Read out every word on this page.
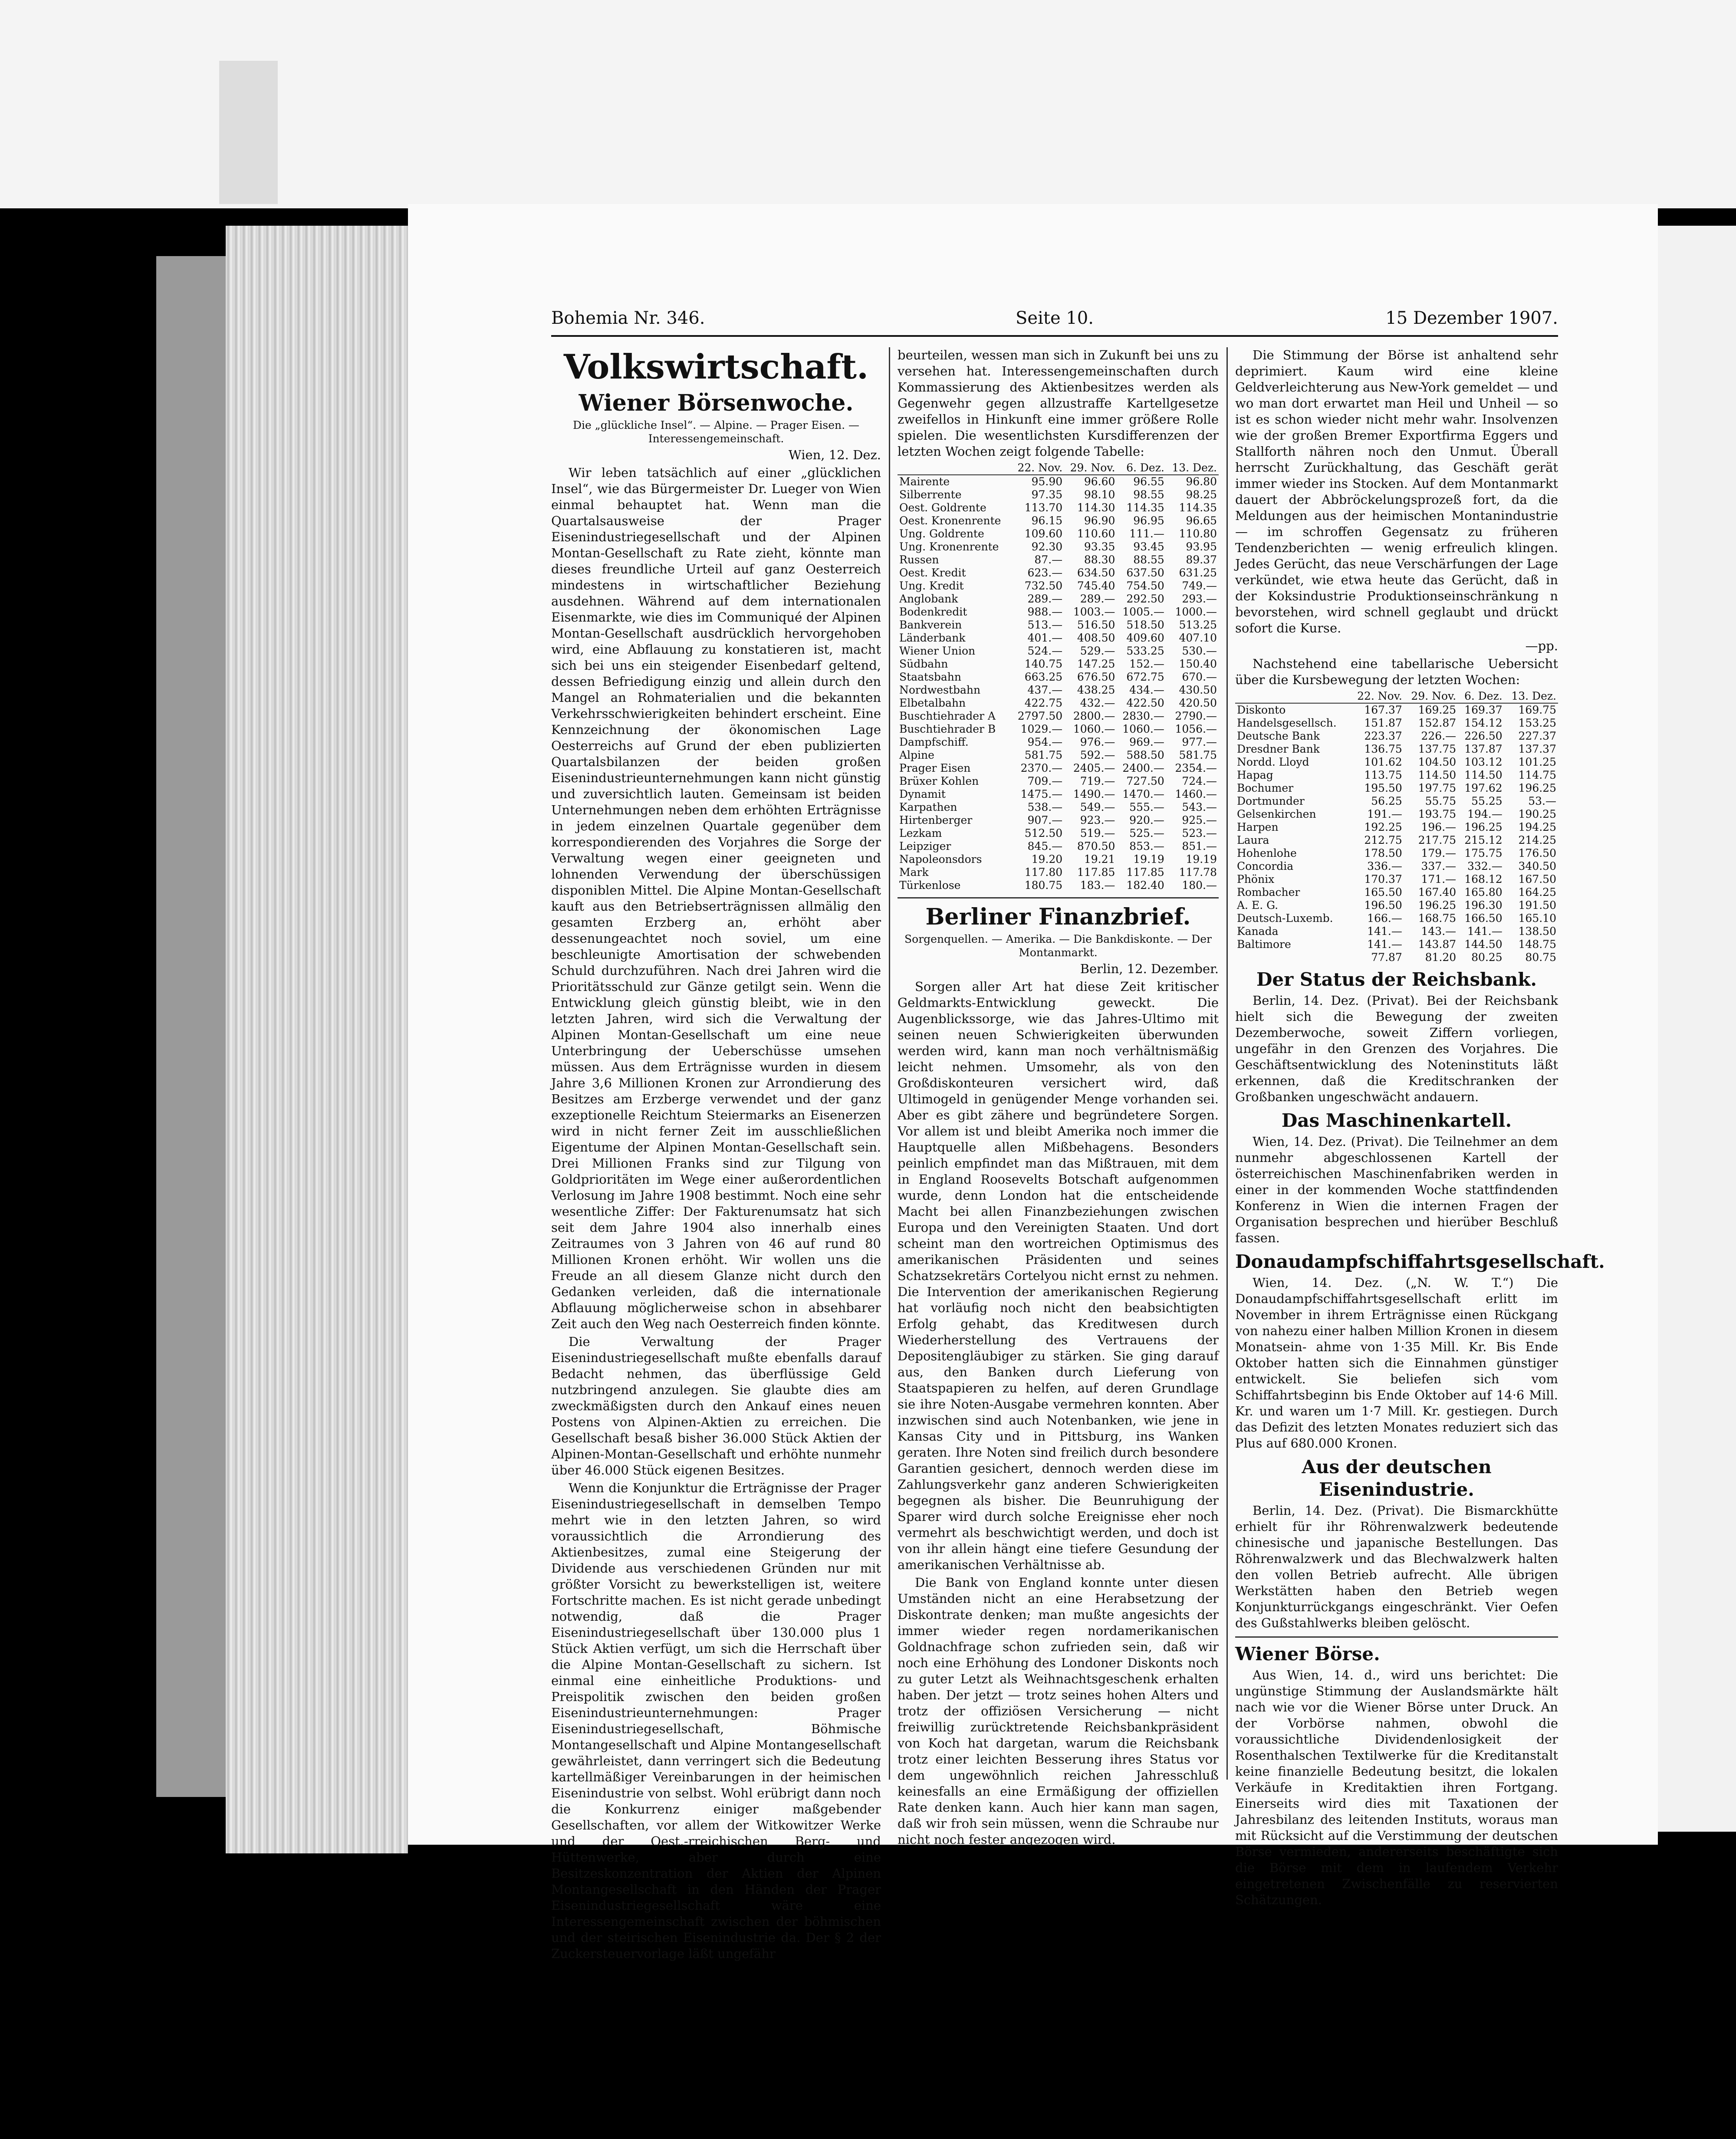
Bohemia Nr. 346.	Seite 10.	15 Dezember 1907.
Volkswirtschaft.
Wiener Börsenwoche.

Die „glückliche Insel“. — Alpine. — Prager Eisen. — Interessengemeinschaft.

Wien, 12. Dez.

Wir leben tatsächlich auf einer „glücklichen Insel“, wie das Bürgermeister Dr. Lueger von Wien einmal behauptet hat. Wenn man die Quartalsausweise der Prager Eisenindustriegesellschaft und der Alpinen Montan-Gesellschaft zu Rate zieht, könnte man dieses freundliche Urteil auf ganz Oesterreich mindestens in wirtschaftlicher Beziehung ausdehnen. Während auf dem internationalen Eisenmarkte, wie dies im Communiqué der Alpinen Montan-Gesellschaft ausdrücklich hervorgehoben wird, eine Abflauung zu konstatieren ist, macht sich bei uns ein steigender Eisenbedarf geltend, dessen Befriedigung einzig und allein durch den Mangel an Rohmaterialien und die bekannten Verkehrsschwierigkeiten behindert erscheint. Eine Kennzeichnung der ökonomischen Lage Oesterreichs auf Grund der eben publizierten Quartalsbilanzen der beiden großen Eisenindustrieunternehmungen kann nicht günstig und zuversichtlich lauten. Gemeinsam ist beiden Unternehmungen neben dem erhöhten Erträgnisse in jedem einzelnen Quartale gegenüber dem korrespondierenden des Vorjahres die Sorge der Verwaltung wegen einer geeigneten und lohnenden Verwendung der überschüssigen disponiblen Mittel. Die Alpine Montan-Gesellschaft kauft aus den Betriebserträgnissen allmälig den gesamten Erzberg an, erhöht aber dessenungeachtet noch soviel, um eine beschleunigte Amortisation der schwebenden Schuld durchzuführen. Nach drei Jahren wird die Prioritätsschuld zur Gänze getilgt sein. Wenn die Entwicklung gleich günstig bleibt, wie in den letzten Jahren, wird sich die Verwaltung der Alpinen Montan-Gesellschaft um eine neue Unterbringung der Ueberschüsse umsehen müssen. Aus dem Erträgnisse wurden in diesem Jahre 3,6 Millionen Kronen zur Arrondierung des Besitzes am Erzberge verwendet und der ganz exzeptionelle Reichtum Steiermarks an Eisenerzen wird in nicht ferner Zeit im ausschließlichen Eigentume der Alpinen Montan-Gesellschaft sein. Drei Millionen Franks sind zur Tilgung von Goldprioritäten im Wege einer außerordentlichen Verlosung im Jahre 1908 bestimmt. Noch eine sehr wesentliche Ziffer: Der Fakturenumsatz hat sich seit dem Jahre 1904 also innerhalb eines Zeitraumes von 3 Jahren von 46 auf rund 80 Millionen Kronen erhöht. Wir wollen uns die Freude an all diesem Glanze nicht durch den Gedanken verleiden, daß die internationale Abflauung möglicherweise schon in absehbarer Zeit auch den Weg nach Oesterreich finden könnte.

Die Verwaltung der Prager Eisenindustriegesellschaft mußte ebenfalls darauf Bedacht nehmen, das überflüssige Geld nutzbringend anzulegen. Sie glaubte dies am zweckmäßigsten durch den Ankauf eines neuen Postens von Alpinen-Aktien zu erreichen. Die Gesellschaft besaß bisher 36.000 Stück Aktien der Alpinen-Montan-Gesellschaft und erhöhte nunmehr über 46.000 Stück eigenen Besitzes.

Wenn die Konjunktur die Erträgnisse der Prager Eisenindustriegesellschaft in demselben Tempo mehrt wie in den letzten Jahren, so wird voraussichtlich die Arrondierung des Aktienbesitzes, zumal eine Steigerung der Dividende aus verschiedenen Gründen nur mit größter Vorsicht zu bewerkstelligen ist, weitere Fortschritte machen. Es ist nicht gerade unbedingt notwendig, daß die Prager Eisenindustriegesellschaft über 130.000 plus 1 Stück Aktien verfügt, um sich die Herrschaft über die Alpine Montan-Gesellschaft zu sichern. Ist einmal eine einheitliche Produktions- und Preispolitik zwischen den beiden großen Eisenindustrieunternehmungen: Prager Eisenindustriegesellschaft, Böhmische Montangesellschaft und Alpine Montangesellschaft gewährleistet, dann verringert sich die Bedeutung kartellmäßiger Vereinbarungen in der heimischen Eisenindustrie von selbst. Wohl erübrigt dann noch die Konkurrenz einiger maßgebender Gesellschaften, vor allem der Witkowitzer Werke und der Oest.-rreichischen Berg- und Hüttenwerke, aber durch eine Besitzeskonzentration der Aktien der Alpinen Montangesellschaft in den Händen der Prager Eisenindustriegesellschaft wäre eine Interessengemeinschaft zwischen der böhmischen und der steirischen Eisenindustrie da. Der § 2 der Zuckersteuervorlage läßt ungefähr

beurteilen, wessen man sich in Zukunft bei uns zu versehen hat. Interessengemeinschaften durch Kommassierung des Aktienbesitzes werden als Gegenwehr gegen allzustraffe Kartellgesetze zweifellos in Hinkunft eine immer größere Rolle spielen. Die wesentlichsten Kursdifferenzen der letzten Wochen zeigt folgende Tabelle:

	22. Nov.	29. Nov.	6. Dez.	13. Dez.
Mairente	95.90	96.60	96.55	96.80
Silberrente	97.35	98.10	98.55	98.25
Oest. Goldrente	113.70	114.30	114.35	114.35
Oest. Kronenrente	96.15	96.90	96.95	96.65
Ung. Goldrente	109.60	110.60	111.—	110.80
Ung. Kronenrente	92.30	93.35	93.45	93.95
Russen	87.—	88.30	88.55	89.37
Oest. Kredit	623.—	634.50	637.50	631.25
Ung. Kredit	732.50	745.40	754.50	749.—
Anglobank	289.—	289.—	292.50	293.—
Bodenkredit	988.—	1003.—	1005.—	1000.—
Bankverein	513.—	516.50	518.50	513.25
Länderbank	401.—	408.50	409.60	407.10
Wiener Union	524.—	529.—	533.25	530.—
Südbahn	140.75	147.25	152.—	150.40
Staatsbahn	663.25	676.50	672.75	670.—
Nordwestbahn	437.—	438.25	434.—	430.50
Elbetalbahn	422.75	432.—	422.50	420.50
Buschtiehrader A	2797.50	2800.—	2830.—	2790.—
Buschtiehrader B	1029.—	1060.—	1060.—	1056.—
Dampfschiff.	954.—	976.—	969.—	977.—
Alpine	581.75	592.—	588.50	581.75
Prager Eisen	2370.—	2405.—	2400.—	2354.—
Brüxer Kohlen	709.—	719.—	727.50	724.—
Dynamit	1475.—	1490.—	1470.—	1460.—
Karpathen	538.—	549.—	555.—	543.—
Hirtenberger	907.—	923.—	920.—	925.—
Lezkam	512.50	519.—	525.—	523.—
Leipziger	845.—	870.50	853.—	851.—
Napoleonsdors	19.20	19.21	19.19	19.19
Mark	117.80	117.85	117.85	117.78
Türkenlose	180.75	183.—	182.40	180.—
Berliner Finanzbrief.

Sorgenquellen. — Amerika. — Die Bankdiskonte. — Der Montanmarkt.

Berlin, 12. Dezember.

Sorgen aller Art hat diese Zeit kritischer Geldmarkts-Entwicklung geweckt. Die Augenblickssorge, wie das Jahres-Ultimo mit seinen neuen Schwierigkeiten überwunden werden wird, kann man noch verhältnismäßig leicht nehmen. Umsomehr, als von den Großdiskonteuren versichert wird, daß Ultimogeld in genügender Menge vorhanden sei. Aber es gibt zähere und begründetere Sorgen. Vor allem ist und bleibt Amerika noch immer die Hauptquelle allen Mißbehagens. Besonders peinlich empfindet man das Mißtrauen, mit dem in England Roosevelts Botschaft aufgenommen wurde, denn London hat die entscheidende Macht bei allen Finanzbeziehungen zwischen Europa und den Vereinigten Staaten. Und dort scheint man den wortreichen Optimismus des amerikanischen Präsidenten und seines Schatzsekretärs Cortelyou nicht ernst zu nehmen. Die Intervention der amerikanischen Regierung hat vorläufig noch nicht den beabsichtigten Erfolg gehabt, das Kreditwesen durch Wiederherstellung des Vertrauens der Depositengläubiger zu stärken. Sie ging darauf aus, den Banken durch Lieferung von Staatspapieren zu helfen, auf deren Grundlage sie ihre Noten-Ausgabe vermehren konnten. Aber inzwischen sind auch Notenbanken, wie jene in Kansas City und in Pittsburg, ins Wanken geraten. Ihre Noten sind freilich durch besondere Garantien gesichert, dennoch werden diese im Zahlungsverkehr ganz anderen Schwierigkeiten begegnen als bisher. Die Beunruhigung der Sparer wird durch solche Ereignisse eher noch vermehrt als beschwichtigt werden, und doch ist von ihr allein hängt eine tiefere Gesundung der amerikanischen Verhältnisse ab.

Die Bank von England konnte unter diesen Umständen nicht an eine Herabsetzung der Diskontrate denken; man mußte angesichts der immer wieder regen nordamerikanischen Goldnachfrage schon zufrieden sein, daß wir noch eine Erhöhung des Londoner Diskonts noch zu guter Letzt als Weihnachtsgeschenk erhalten haben. Der jetzt — trotz seines hohen Alters und trotz der offiziösen Versicherung — nicht freiwillig zurücktretende Reichsbankpräsident von Koch hat dargetan, warum die Reichsbank trotz einer leichten Besserung ihres Status vor dem ungewöhnlich reichen Jahresschluß keinesfalls an eine Ermäßigung der offiziellen Rate denken kann. Auch hier kann man sagen, daß wir froh sein müssen, wenn die Schraube nur nicht noch fester angezogen wird.

Die Stimmung der Börse ist anhaltend sehr deprimiert. Kaum wird eine kleine Geldverleichterung aus New-York gemeldet — und wo man dort erwartet man Heil und Unheil — so ist es schon wieder nicht mehr wahr. Insolvenzen wie der großen Bremer Exportfirma Eggers und Stallforth nähren noch den Unmut. Überall herrscht Zurückhaltung, das Geschäft gerät immer wieder ins Stocken. Auf dem Montanmarkt dauert der Abbröckelungsprozeß fort, da die Meldungen aus der heimischen Montanindustrie — im schroffen Gegensatz zu früheren Tendenzberichten — wenig erfreulich klingen. Jedes Gerücht, das neue Verschärfungen der Lage verkündet, wie etwa heute das Gerücht, daß in der Koksindustrie Produktionseinschränkung n bevorstehen, wird schnell geglaubt und drückt sofort die Kurse.

—pp.

Nachstehend eine tabellarische Uebersicht über die Kursbewegung der letzten Wochen:

	22. Nov.	29. Nov.	6. Dez.	13. Dez.
Diskonto	167.37	169.25	169.37	169.75
Handelsgesellsch.	151.87	152.87	154.12	153.25
Deutsche Bank	223.37	226.—	226.50	227.37
Dresdner Bank	136.75	137.75	137.87	137.37
Nordd. Lloyd	101.62	104.50	103.12	101.25
Hapag	113.75	114.50	114.50	114.75
Bochumer	195.50	197.75	197.62	196.25
Dortmunder	56.25	55.75	55.25	53.—
Gelsenkirchen	191.—	193.75	194.—	190.25
Harpen	192.25	196.—	196.25	194.25
Laura	212.75	217.75	215.12	214.25
Hohenlohe	178.50	179.—	175.75	176.50
Concordia	336.—	337.—	332.—	340.50
Phönix	170.37	171.—	168.12	167.50
Rombacher	165.50	167.40	165.80	164.25
A. E. G.	196.50	196.25	196.30	191.50
Deutsch-Luxemb.	166.—	168.75	166.50	165.10
Kanada	141.—	143.—	141.—	138.50
Baltimore	141.—	143.87	144.50	148.75
	77.87	81.20	80.25	80.75
Der Status der Reichsbank.

Berlin, 14. Dez. (Privat). Bei der Reichsbank hielt sich die Bewegung der zweiten Dezemberwoche, soweit Ziffern vorliegen, ungefähr in den Grenzen des Vorjahres. Die Geschäftsentwicklung des Noteninstituts läßt erkennen, daß die Kreditschranken der Großbanken ungeschwächt andauern.

Das Maschinenkartell.

Wien, 14. Dez. (Privat). Die Teilnehmer an dem nunmehr abgeschlossenen Kartell der österreichischen Maschinenfabriken werden in einer in der kommenden Woche stattfindenden Konferenz in Wien die internen Fragen der Organisation besprechen und hierüber Beschluß fassen.

Donaudampfschiffahrtsgesellschaft.

Wien, 14. Dez. („N. W. T.“) Die Donaudampfschiffahrtsgesellschaft erlitt im November in ihrem Erträgnisse einen Rückgang von nahezu einer halben Million Kronen in diesem Monatsein- ahme von 1·35 Mill. Kr. Bis Ende Oktober hatten sich die Einnahmen günstiger entwickelt. Sie beliefen sich vom Schiffahrtsbeginn bis Ende Oktober auf 14·6 Mill. Kr. und waren um 1·7 Mill. Kr. gestiegen. Durch das Defizit des letzten Monates reduziert sich das Plus auf 680.000 Kronen.

Aus der deutschen Eisenindustrie.

Berlin, 14. Dez. (Privat). Die Bismarckhütte erhielt für ihr Röhrenwalzwerk bedeutende chinesische und japanische Bestellungen. Das Röhrenwalzwerk und das Blechwalzwerk halten den vollen Betrieb aufrecht. Alle übrigen Werkstätten haben den Betrieb wegen Konjunkturrückgangs eingeschränkt. Vier Oefen des Gußstahlwerks bleiben gelöscht.

Wiener Börse.

Aus Wien, 14. d., wird uns berichtet: Die ungünstige Stimmung der Auslandsmärkte hält nach wie vor die Wiener Börse unter Druck. An der Vorbörse nahmen, obwohl die voraussichtliche Dividendenlosigkeit der Rosenthalschen Textilwerke für die Kreditanstalt keine finanzielle Bedeutung besitzt, die lokalen Verkäufe in Kreditaktien ihren Fortgang. Einerseits wird dies mit Taxationen der Jahresbilanz des leitenden Instituts, woraus man mit Rücksicht auf die Verstimmung der deutschen Börse vermieden, andererseits beschäftigte sich die Börse mit dem in laufendem Verkehr eingetretenen Zwischenfälle zu reservierten Schätzungen.
